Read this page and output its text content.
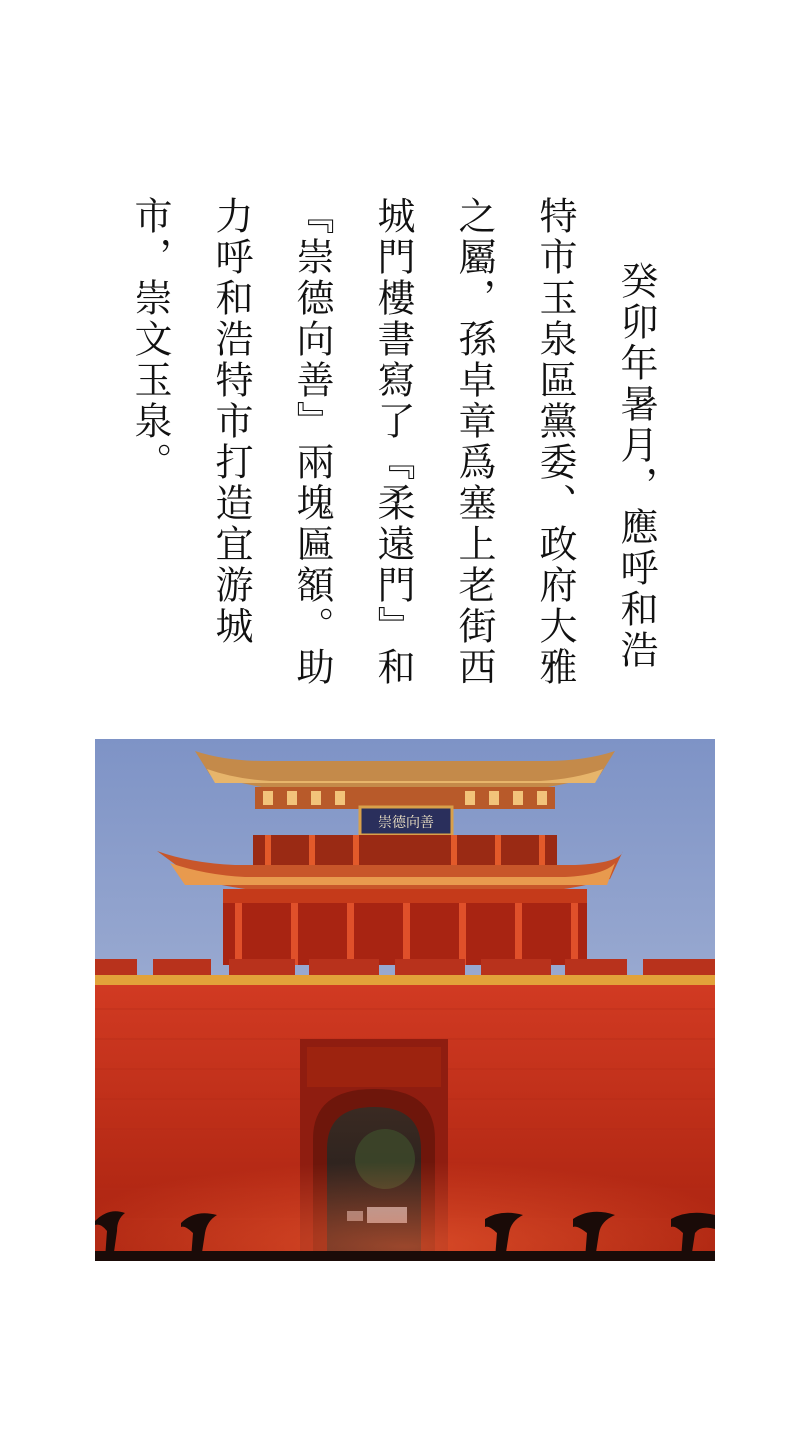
癸卯年暑月，應呼和浩
特市玉泉區黨委、政府大雅
之屬，孫卓章爲塞上老街西
城門樓書寫了『柔遠門』和
『崇德向善』兩塊匾額。助
力呼和浩特市打造宜游城
市，崇文玉泉。
崇德向善
